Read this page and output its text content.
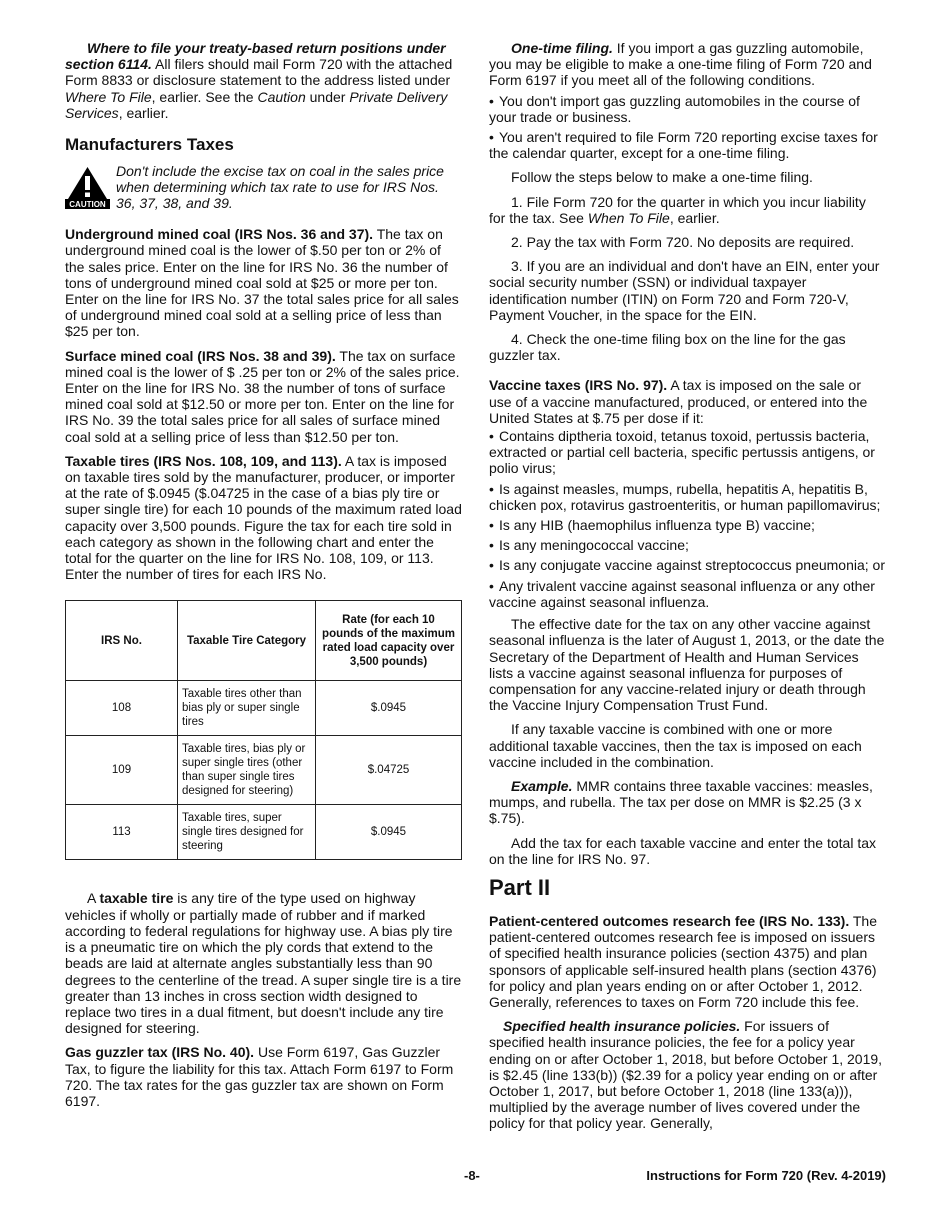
Where to file your treaty-based return positions under section 6114. All filers should mail Form 720 with the attached Form 8833 or disclosure statement to the address listed under Where To File, earlier. See the Caution under Private Delivery Services, earlier.

Manufacturers Taxes
CAUTION
Don't include the excise tax on coal in the sales price when determining which tax rate to use for IRS Nos. 36, 37, 38, and 39.

Underground mined coal (IRS Nos. 36 and 37). The tax on underground mined coal is the lower of $.50 per ton or 2% of the sales price. Enter on the line for IRS No. 36 the number of tons of underground mined coal sold at $25 or more per ton. Enter on the line for IRS No. 37 the total sales price for all sales of underground mined coal sold at a selling price of less than $25 per ton.

Surface mined coal (IRS Nos. 38 and 39). The tax on surface mined coal is the lower of $ .25 per ton or 2% of the sales price. Enter on the line for IRS No. 38 the number of tons of surface mined coal sold at $12.50 or more per ton. Enter on the line for IRS No. 39 the total sales price for all sales of surface mined coal sold at a selling price of less than $12.50 per ton.

Taxable tires (IRS Nos. 108, 109, and 113). A tax is imposed on taxable tires sold by the manufacturer, producer, or importer at the rate of $.0945 ($.04725 in the case of a bias ply tire or super single tire) for each 10 pounds of the maximum rated load capacity over 3,500 pounds. Figure the tax for each tire sold in each category as shown in the following chart and enter the total for the quarter on the line for IRS No. 108, 109, or 113. Enter the number of tires for each IRS No.

IRS No.	Taxable Tire Category	Rate (for each 10 pounds of the maximum rated load capacity over 3,500 pounds)
108	Taxable tires other than bias ply or super single tires	$.0945
109	Taxable tires, bias ply or super single tires (other than super single tires designed for steering)	$.04725
113	Taxable tires, super single tires designed for steering	$.0945

A taxable tire is any tire of the type used on highway vehicles if wholly or partially made of rubber and if marked according to federal regulations for highway use. A bias ply tire is a pneumatic tire on which the ply cords that extend to the beads are laid at alternate angles substantially less than 90 degrees to the centerline of the tread. A super single tire is a tire greater than 13 inches in cross section width designed to replace two tires in a dual fitment, but doesn't include any tire designed for steering.

Gas guzzler tax (IRS No. 40). Use Form 6197, Gas Guzzler Tax, to figure the liability for this tax. Attach Form 6197 to Form 720. The tax rates for the gas guzzler tax are shown on Form 6197.

One-time filing. If you import a gas guzzling automobile, you may be eligible to make a one-time filing of Form 720 and Form 6197 if you meet all of the following conditions.

• You don't import gas guzzling automobiles in the course of your trade or business.

• You aren't required to file Form 720 reporting excise taxes for the calendar quarter, except for a one-time filing.

Follow the steps below to make a one-time filing.

1. File Form 720 for the quarter in which you incur liability for the tax. See When To File, earlier.

2. Pay the tax with Form 720. No deposits are required.

3. If you are an individual and don't have an EIN, enter your social security number (SSN) or individual taxpayer identification number (ITIN) on Form 720 and Form 720-V, Payment Voucher, in the space for the EIN.

4. Check the one-time filing box on the line for the gas guzzler tax.

Vaccine taxes (IRS No. 97). A tax is imposed on the sale or use of a vaccine manufactured, produced, or entered into the United States at $.75 per dose if it:

• Contains diptheria toxoid, tetanus toxoid, pertussis bacteria, extracted or partial cell bacteria, specific pertussis antigens, or polio virus;

• Is against measles, mumps, rubella, hepatitis A, hepatitis B, chicken pox, rotavirus gastroenteritis, or human papillomavirus;

• Is any HIB (haemophilus influenza type B) vaccine;

• Is any meningococcal vaccine;

• Is any conjugate vaccine against streptococcus pneumonia; or

• Any trivalent vaccine against seasonal influenza or any other vaccine against seasonal influenza.

The effective date for the tax on any other vaccine against seasonal influenza is the later of August 1, 2013, or the date the Secretary of the Department of Health and Human Services lists a vaccine against seasonal influenza for purposes of compensation for any vaccine-related injury or death through the Vaccine Injury Compensation Trust Fund.

If any taxable vaccine is combined with one or more additional taxable vaccines, then the tax is imposed on each vaccine included in the combination.

Example. MMR contains three taxable vaccines: measles, mumps, and rubella. The tax per dose on MMR is $2.25 (3 x $.75).

Add the tax for each taxable vaccine and enter the total tax on the line for IRS No. 97.

Part II

Patient-centered outcomes research fee (IRS No. 133). The patient-centered outcomes research fee is imposed on issuers of specified health insurance policies (section 4375) and plan sponsors of applicable self-insured health plans (section 4376) for policy and plan years ending on or after October 1, 2012. Generally, references to taxes on Form 720 include this fee.

Specified health insurance policies. For issuers of specified health insurance policies, the fee for a policy year ending on or after October 1, 2018, but before October 1, 2019, is $2.45 (line 133(b)) ($2.39 for a policy year ending on or after October 1, 2017, but before October 1, 2018 (line 133(a))), multiplied by the average number of lives covered under the policy for that policy year. Generally,

-8-	Instructions for Form 720 (Rev. 4-2019)
